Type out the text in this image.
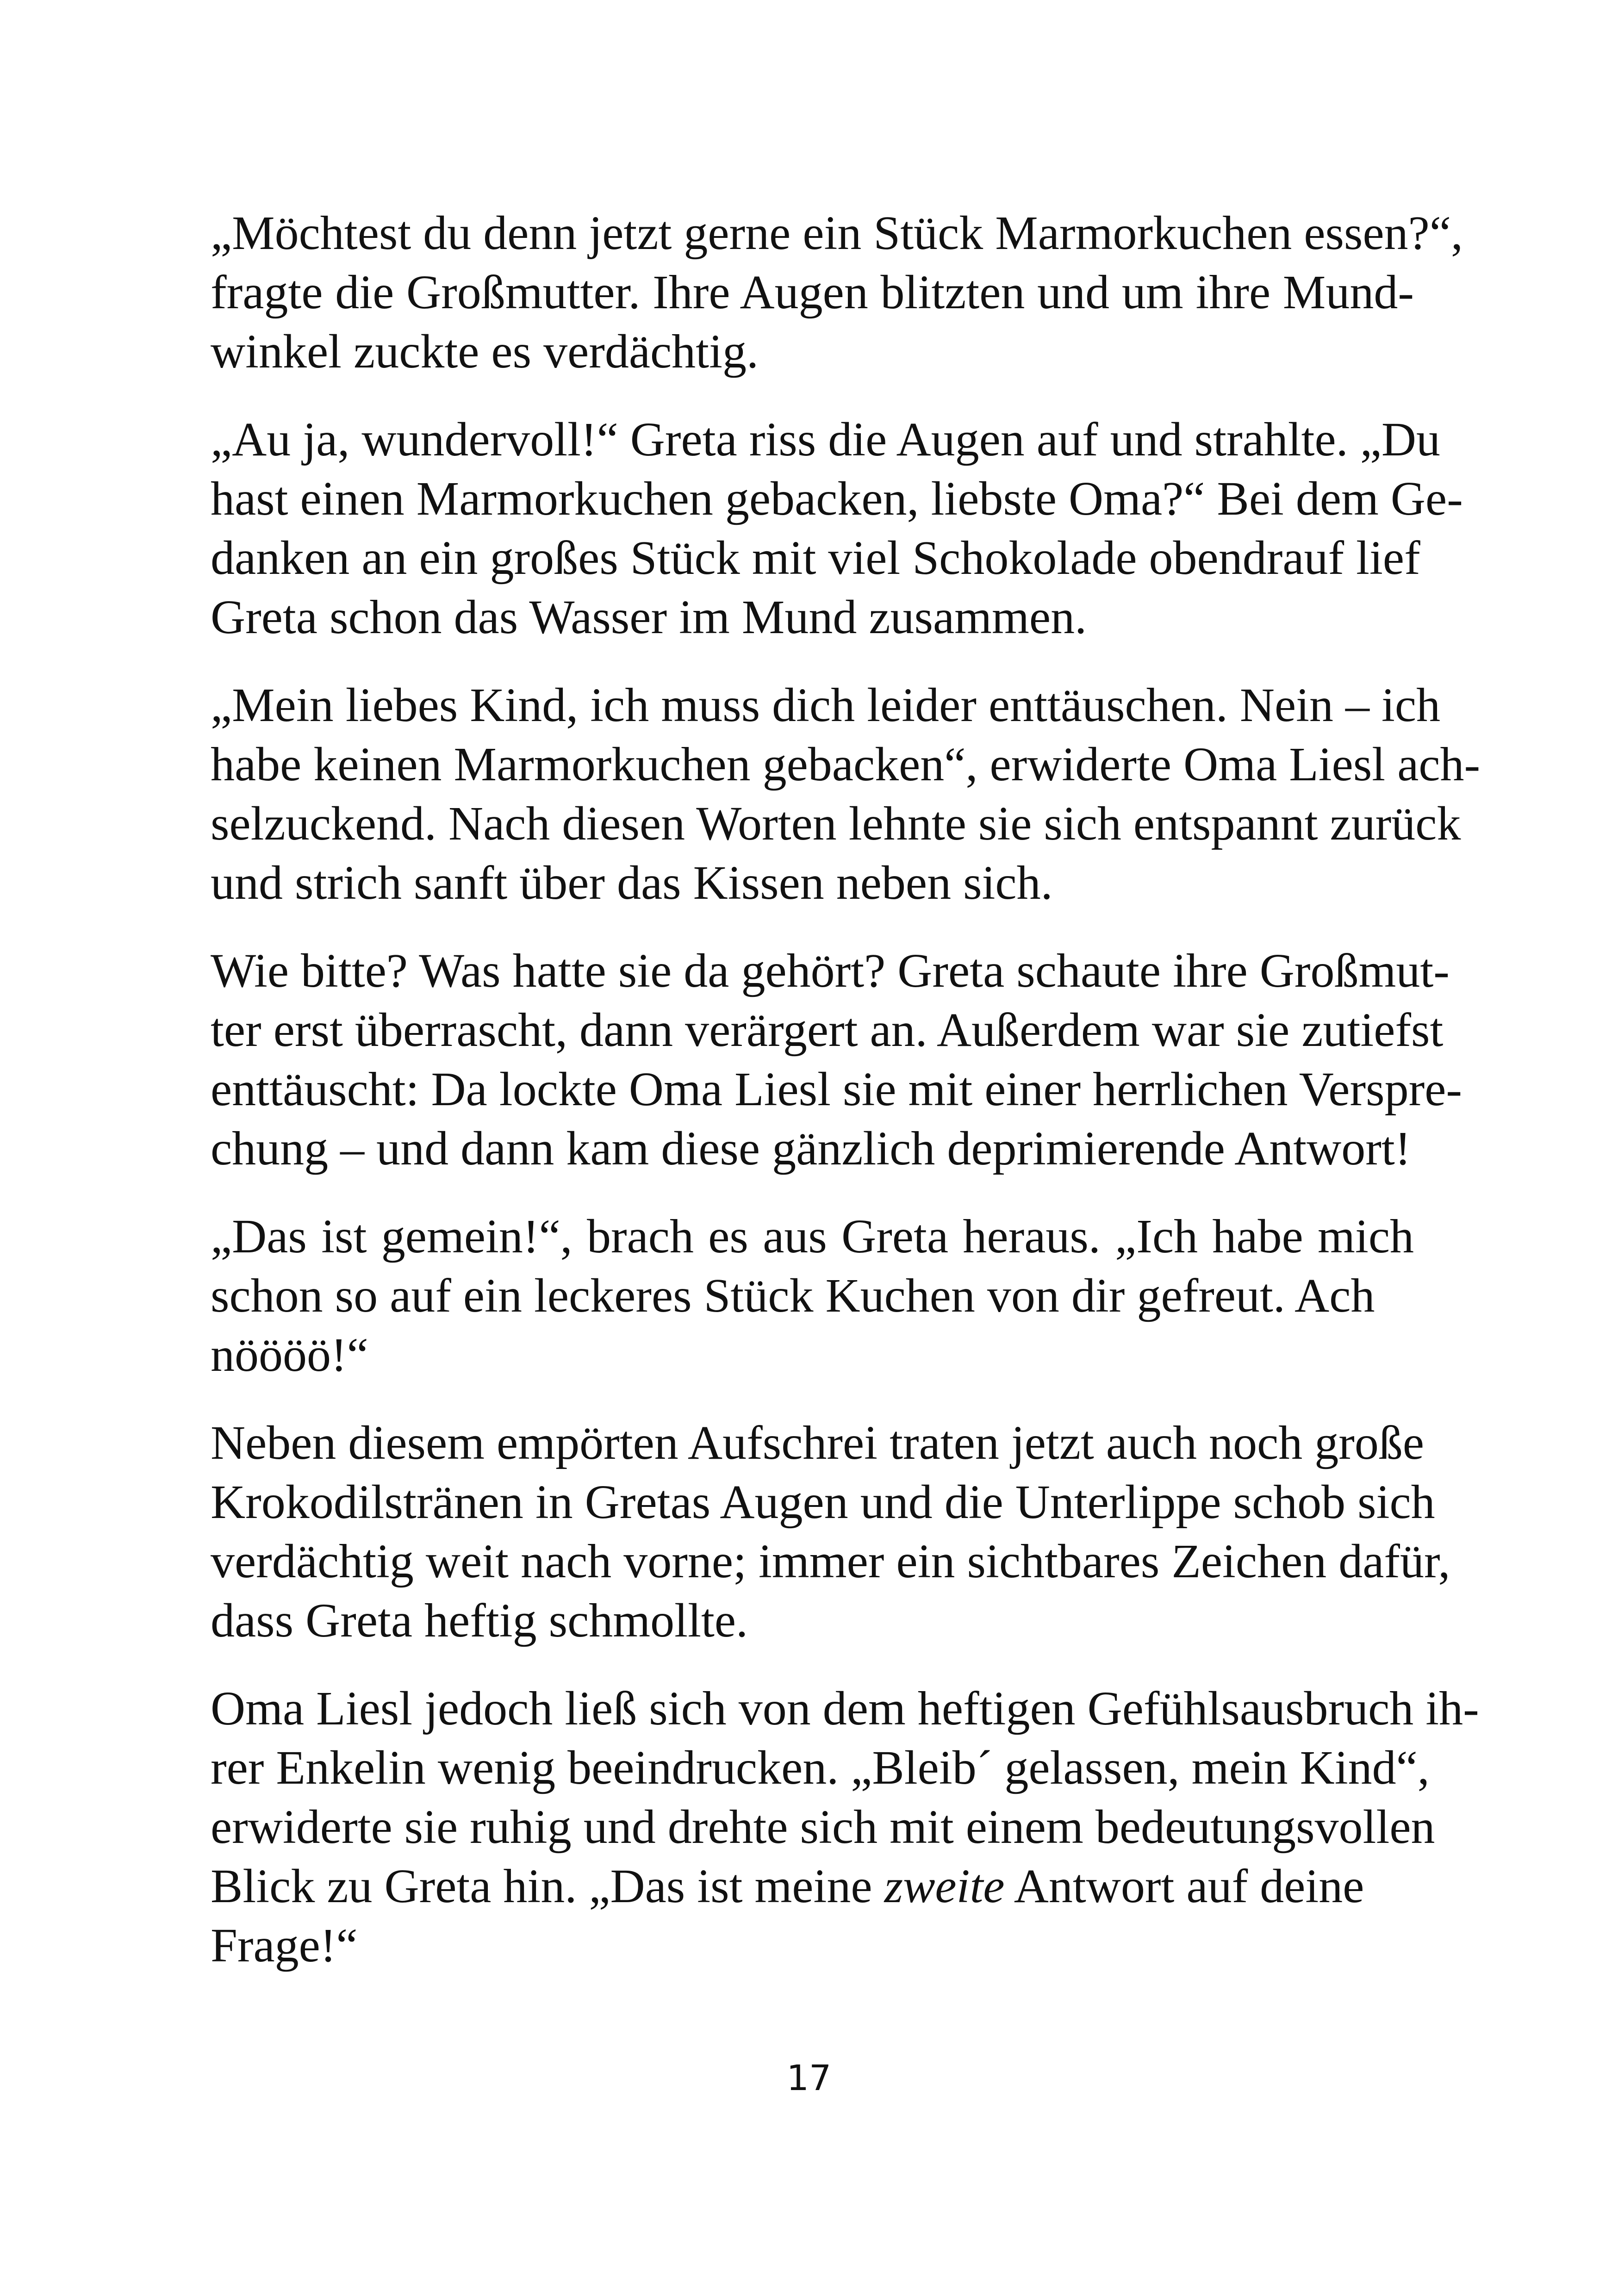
„Möchtest du denn jetzt gerne ein Stück Marmorkuchen essen?“,
fragte die Großmutter. Ihre Augen blitzten und um ihre Mund-
winkel zuckte es verdächtig.

„Au ja, wundervoll!“ Greta riss die Augen auf und strahlte. „Du
hast einen Marmorkuchen gebacken, liebste Oma?“ Bei dem Ge-
danken an ein großes Stück mit viel Schokolade obendrauf lief
Greta schon das Wasser im Mund zusammen.

„Mein liebes Kind, ich muss dich leider enttäuschen. Nein – ich
habe keinen Marmorkuchen gebacken“, erwiderte Oma Liesl ach-
selzuckend. Nach diesen Worten lehnte sie sich entspannt zurück
und strich sanft über das Kissen neben sich.

Wie bitte? Was hatte sie da gehört? Greta schaute ihre Großmut-
ter erst überrascht, dann verärgert an. Außerdem war sie zutiefst
enttäuscht: Da lockte Oma Liesl sie mit einer herrlichen Verspre-
chung – und dann kam diese gänzlich deprimierende Antwort!

„Das ist gemein!“, brach es aus Greta heraus. „Ich habe mich
schon so auf ein leckeres Stück Kuchen von dir gefreut. Ach
nöööö!“

Neben diesem empörten Aufschrei traten jetzt auch noch große
Krokodilstränen in Gretas Augen und die Unterlippe schob sich
verdächtig weit nach vorne; immer ein sichtbares Zeichen dafür,
dass Greta heftig schmollte.

Oma Liesl jedoch ließ sich von dem heftigen Gefühlsausbruch ih-
rer Enkelin wenig beeindrucken. „Bleib´ gelassen, mein Kind“,
erwiderte sie ruhig und drehte sich mit einem bedeutungsvollen
Blick zu Greta hin. „Das ist meine zweite Antwort auf deine
Frage!“

17
